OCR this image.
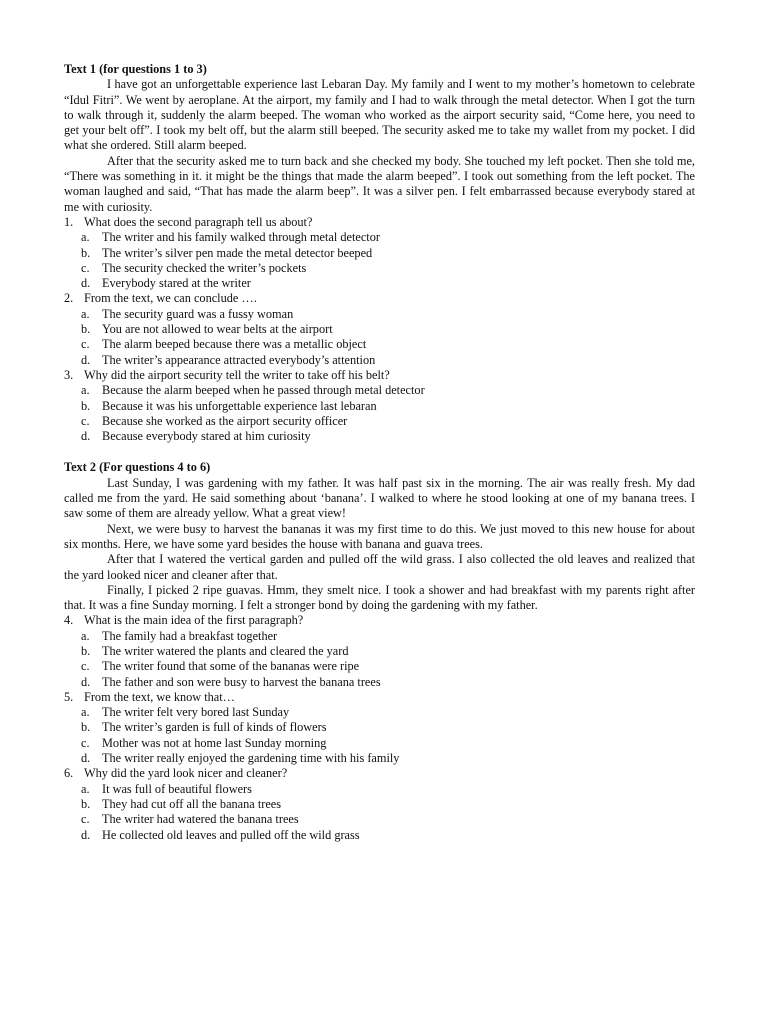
Text 1 (for questions 1 to 3)

I have got an unforgettable experience last Lebaran Day. My family and I went to my mother’s hometown to celebrate “Idul Fitri”. We went by aeroplane. At the airport, my family and I had to walk through the metal detector. When I got the turn to walk through it, suddenly the alarm beeped. The woman who worked as the airport security said, “Come here, you need to get your belt off”. I took my belt off, but the alarm still beeped. The security asked me to take my wallet from my pocket. I did what she ordered. Still alarm beeped.

After that the security asked me to turn back and she checked my body. She touched my left pocket. Then she told me, “There was something in it. it might be the things that made the alarm beeped”. I took out something from the left pocket. The woman laughed and said, “That has made the alarm beep”. It was a silver pen. I felt embarrassed because everybody stared at me with curiosity.

1. What does the second paragraph tell us about?
a.	The writer and his family walked through metal detector
b. The writer’s silver pen made the metal detector beeped
c.	The security checked the writer’s pockets
d. Everybody stared at the writer
2. From the text, we can conclude ….
a.	The security guard was a fussy woman
b. You are not allowed to wear belts at the airport
c.	The alarm beeped because there was a metallic object
d. The writer’s appearance attracted everybody’s attention
3. Why did the airport security tell the writer to take off his belt?
a.	Because the alarm beeped when he passed through metal detector
b. Because it was his unforgettable experience last lebaran
c.	Because she worked as the airport security officer
d. Because everybody stared at him curiosity

Text 2 (For questions 4 to 6)

Last Sunday, I was gardening with my father. It was half past six in the morning. The air was really fresh. My dad called me from the yard. He said something about ‘banana’. I walked to where he stood looking at one of my banana trees. I saw some of them are already yellow. What a great view!

Next, we were busy to harvest the bananas it was my first time to do this. We just moved to this new house for about six months. Here, we have some yard besides the house with banana and guava trees.

After that I watered the vertical garden and pulled off the wild grass. I also collected the old leaves and realized that the yard looked nicer and cleaner after that.

Finally, I picked 2 ripe guavas. Hmm, they smelt nice. I took a shower and had breakfast with my parents right after that. It was a fine Sunday morning. I felt a stronger bond by doing the gardening with my father.

4. What is the main idea of the first paragraph?
a.	The family had a breakfast together
b. The writer watered the plants and cleared the yard
c.	The writer found that some of the bananas were ripe
d. The father and son were busy to harvest the banana trees
5. From the text, we know that…
a.	The writer felt very bored last Sunday
b. The writer’s garden is full of kinds of flowers
c.	Mother was not at home last Sunday morning
d. The writer really enjoyed the gardening time with his family
6. Why did the yard look nicer and cleaner?
a.	It was full of beautiful flowers
b. They had cut off all the banana trees
c.	The writer had watered the banana trees
d. He collected old leaves and pulled off the wild grass
